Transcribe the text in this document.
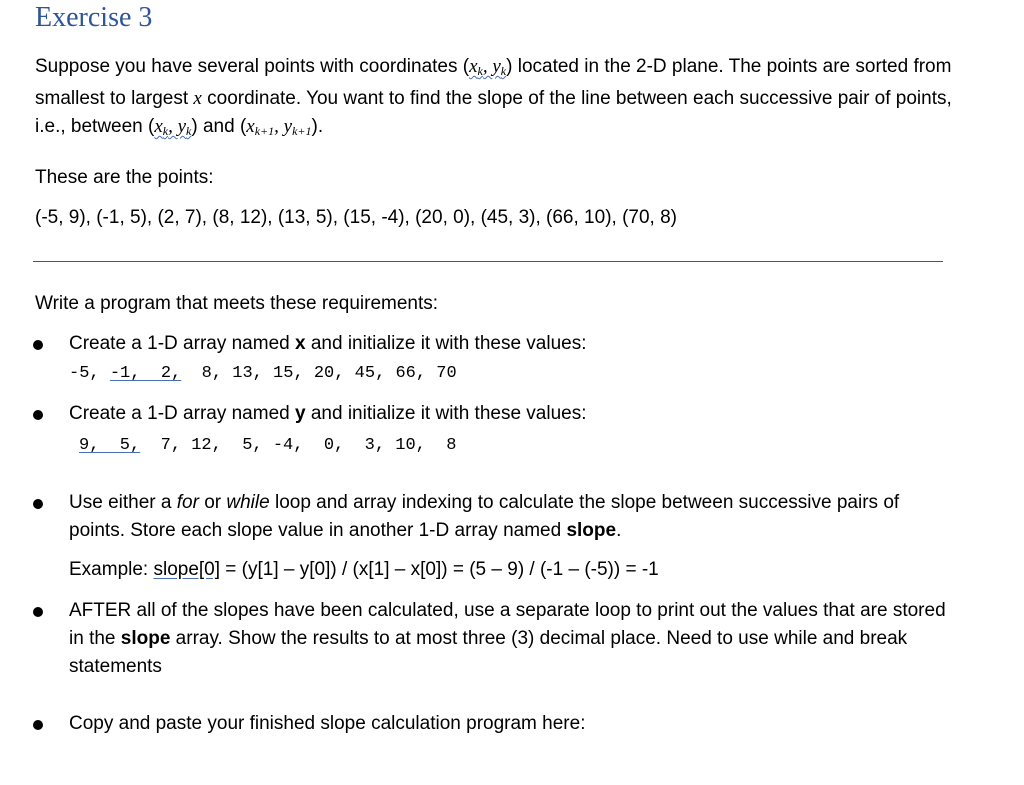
Exercise 3
Suppose you have several points with coordinates ($x_k$, $y_k$) located in the 2-D plane. The points are sorted from smallest to largest x coordinate. You want to find the slope of the line between each successive pair of points, i.e., between ($x_k$, $y_k$) and ($x_{k+1}$, $y_{k+1}$).
These are the points:
(-5, 9), (-1, 5), (2, 7), (8, 12), (13, 5), (15, -4), (20, 0), (45, 3), (66, 10), (70, 8)
Write a program that meets these requirements:
Create a 1-D array named x and initialize it with these values:
-5, -1,  2,  8, 13, 15, 20, 45, 66, 70
Create a 1-D array named y and initialize it with these values:
9,  5,  7, 12,  5, -4,  0,  3, 10,  8
Use either a for or while loop and array indexing to calculate the slope between successive pairs of points. Store each slope value in another 1-D array named slope.
Example: slope[0] = (y[1] – y[0]) / (x[1] – x[0]) = (5 – 9) / (-1 – (-5)) = -1
AFTER all of the slopes have been calculated, use a separate loop to print out the values that are stored in the slope array. Show the results to at most three (3) decimal place. Need to use while and break statements
Copy and paste your finished slope calculation program here:
